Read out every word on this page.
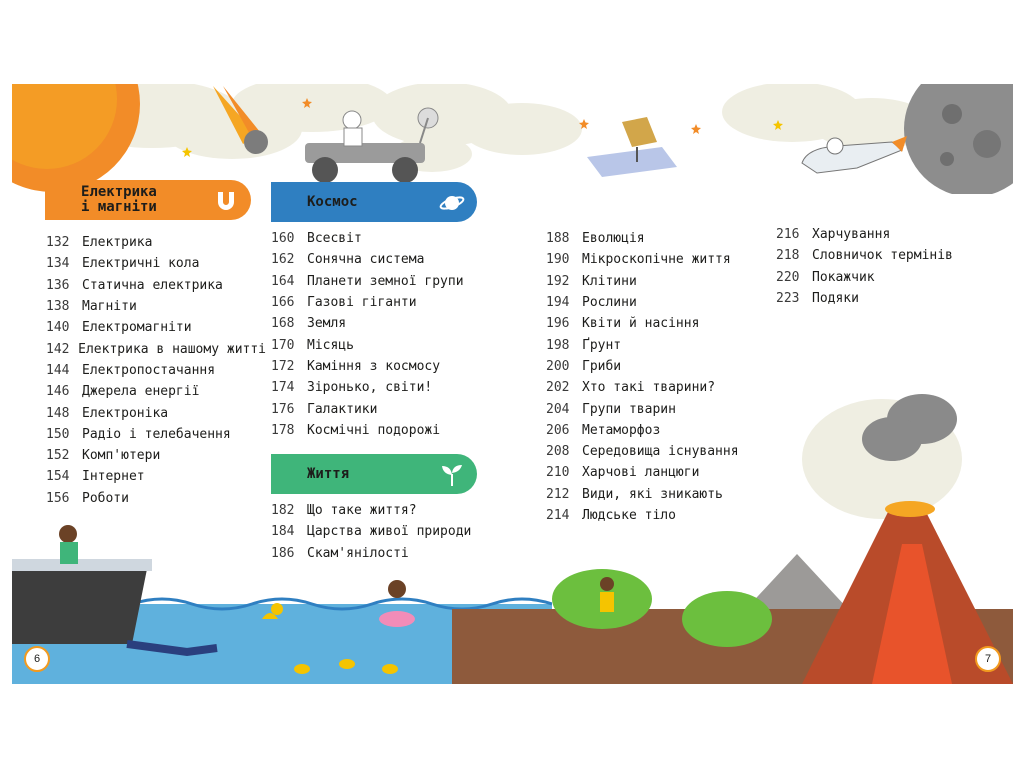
6	7
Електрика
і магніти
132 Електрика
134 Електричні кола
136 Статична електрика
138 Магніти
140 Електромагніти
142 Електрика в нашому житті
144 Електропостачання
146 Джерела енергії
148 Електроніка
150 Радіо і телебачення
152 Комп'ютери
154 Інтернет
156 Роботи
Космос
160 Всесвіт
162 Сонячна система
164 Планети земної групи
166 Газові гіганти
168 Земля
170 Місяць
172 Каміння з космосу
174 Зіронько, світи!
176 Галактики
178 Космічні подорожі
Життя
182 Що таке життя?
184 Царства живої природи
186 Скам'янілості
188 Еволюція
190 Мікроскопічне життя
192 Клітини
194 Рослини
196 Квіти й насіння
198 Ґрунт
200 Гриби
202 Хто такі тварини?
204 Групи тварин
206 Метаморфоз
208 Середовища існування
210 Харчові ланцюги
212 Види, які зникають
214 Людське тіло
216 Харчування
218 Словничок термінів
220 Покажчик
223 Подяки
